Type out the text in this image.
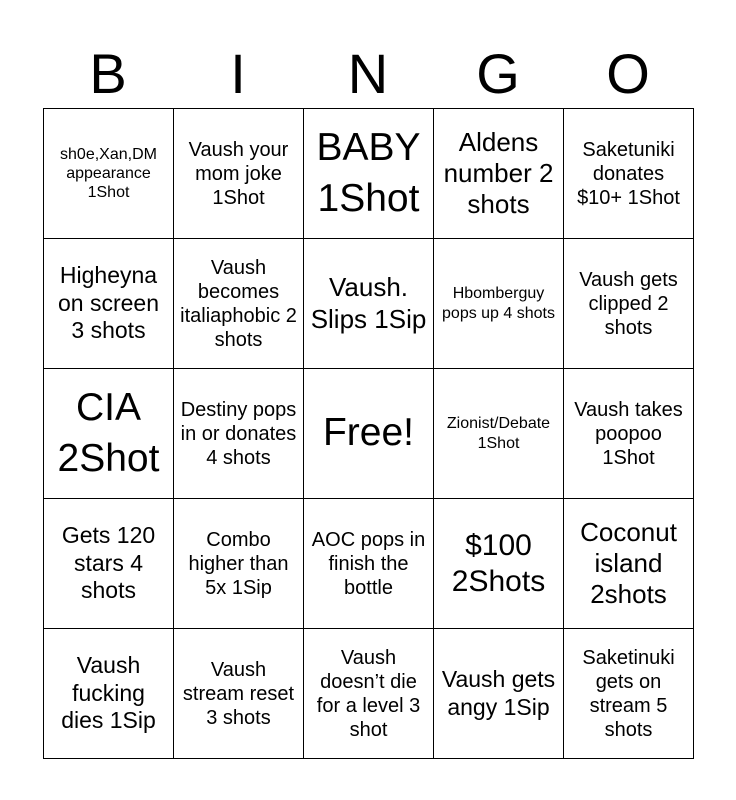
B	I	N	G	O
sh0e,Xan,DM appearance 1Shot	Vaush your mom joke 1Shot	BABY 1Shot	Aldens number 2 shots	Saketuniki donates $10+ 1Shot
Higheyna on screen 3 shots	Vaush becomes italiaphobic 2 shots	Vaush. Slips 1Sip	Hbomberguy pops up 4 shots	Vaush gets clipped 2 shots
CIA 2Shot	Destiny pops in or donates 4 shots	Free!	Zionist/Debate 1Shot	Vaush takes poopoo 1Shot
Gets 120 stars 4 shots	Combo higher than 5x 1Sip	AOC pops in finish the bottle	$100 2Shots	Coconut island 2shots
Vaush fucking dies 1Sip	Vaush stream reset 3 shots	Vaush doesn’t die for a level 3 shot	Vaush gets angy 1Sip	Saketinuki gets on stream 5 shots
